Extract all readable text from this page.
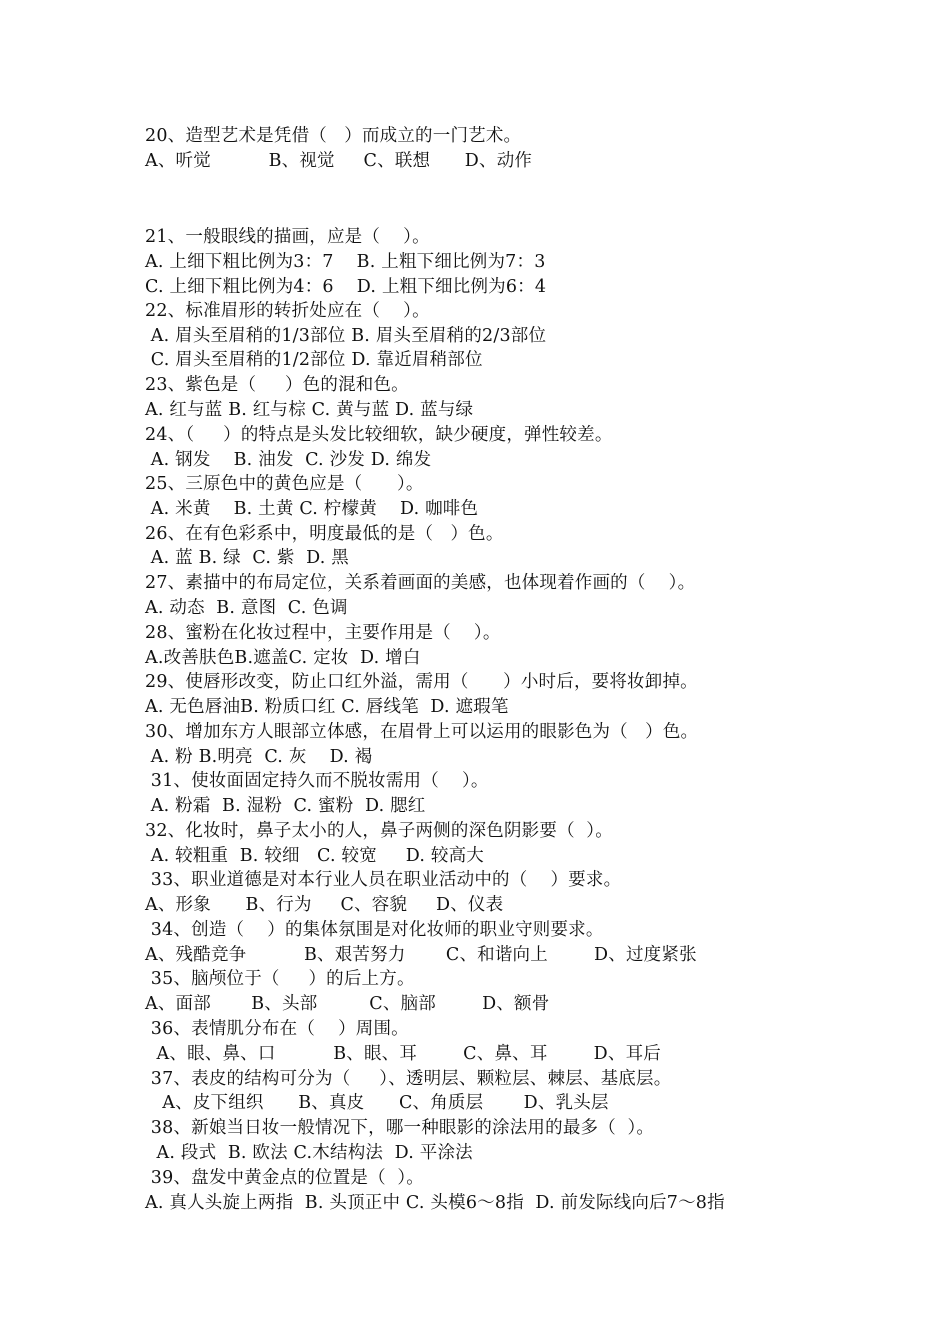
20、造型艺术是凭借（   ）而成立的一门艺术。
A、听觉          B、视觉     C、联想      D、动作
21、一般眼线的描画，应是（    ）。
A. 上细下粗比例为3：7    B. 上粗下细比例为7：3
C. 上细下粗比例为4：6    D. 上粗下细比例为6：4
22、标准眉形的转折处应在（    ）。
A. 眉头至眉稍的1/3部位 B. 眉头至眉稍的2/3部位
C. 眉头至眉稍的1/2部位 D. 靠近眉稍部位
23、紫色是（     ）色的混和色。
A. 红与蓝 B. 红与棕 C. 黄与蓝 D. 蓝与绿
24、（     ）的特点是头发比较细软，缺少硬度，弹性较差。
A. 钢发    B. 油发  C. 沙发 D. 绵发
25、三原色中的黄色应是（      ）。
A. 米黄    B. 土黄 C. 柠檬黄    D. 咖啡色
26、在有色彩系中，明度最低的是（   ）色。
A. 蓝 B. 绿  C. 紫  D. 黑
27、素描中的布局定位，关系着画面的美感，也体现着作画的（    ）。
A. 动态  B. 意图  C. 色调
28、蜜粉在化妆过程中，主要作用是（    ）。
A.改善肤色B.遮盖C. 定妆  D. 增白
29、使唇形改变，防止口红外溢，需用（      ）小时后，要将妆卸掉。
A. 无色唇油B. 粉质口红 C. 唇线笔  D. 遮瑕笔
30、增加东方人眼部立体感，在眉骨上可以运用的眼影色为（   ）色。
A. 粉 B.明亮  C. 灰    D. 褐
31、使妆面固定持久而不脱妆需用（    ）。
A. 粉霜  B. 湿粉  C. 蜜粉  D. 腮红
32、化妆时，鼻子太小的人，鼻子两侧的深色阴影要（  ）。
A. 较粗重  B. 较细   C. 较宽     D. 较高大
33、职业道德是对本行业人员在职业活动中的（    ）要求。
A、形象      B、行为     C、容貌     D、仪表
34、创造（    ）的集体氛围是对化妆师的职业守则要求。
A、残酷竞争          B、艰苦努力       C、和谐向上        D、过度紧张
35、脑颅位于（     ）的后上方。
A、面部       B、头部         C、脑部        D、额骨
36、表情肌分布在（    ）周围。
A、眼、鼻、口          B、眼、耳        C、鼻、耳        D、耳后
37、表皮的结构可分为（     ）、透明层、颗粒层、棘层、基底层。
A、皮下组织      B、真皮      C、角质层       D、乳头层
38、新娘当日妆一般情况下，哪一种眼影的涂法用的最多（  ）。
A. 段式  B. 欧法 C.木结构法  D. 平涂法
39、盘发中黄金点的位置是（  ）。
A. 真人头旋上两指  B. 头顶正中 C. 头模6～8指  D. 前发际线向后7～8指
